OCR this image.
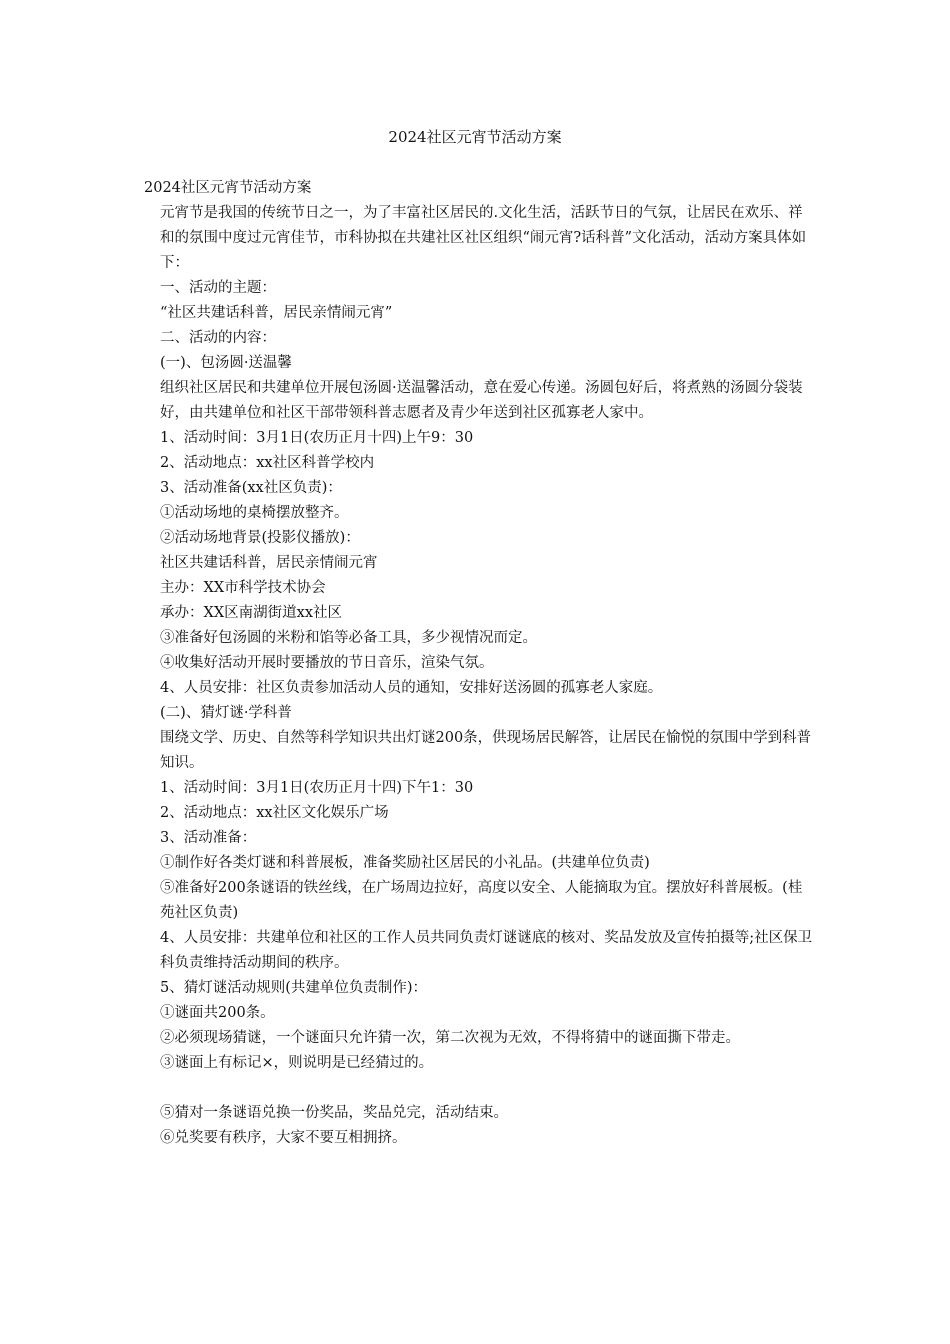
2024社区元宵节活动方案

2024社区元宵节活动方案

元宵节是我国的传统节日之一，为了丰富社区居民的.文化生活，活跃节日的气氛，让居民在欢乐、祥和的氛围中度过元宵佳节，市科协拟在共建社区社区组织“闹元宵?话科普”文化活动，活动方案具体如下：

一、活动的主题：

“社区共建话科普，居民亲情闹元宵”

二、活动的内容：

(一)、包汤圆·送温馨

组织社区居民和共建单位开展包汤圆·送温馨活动，意在爱心传递。汤圆包好后，将煮熟的汤圆分袋装好，由共建单位和社区干部带领科普志愿者及青少年送到社区孤寡老人家中。

1、活动时间：3月1日(农历正月十四)上午9：30

2、活动地点：xx社区科普学校内

3、活动准备(xx社区负责)：

①活动场地的桌椅摆放整齐。

②活动场地背景(投影仪播放)：

社区共建话科普，居民亲情闹元宵

主办：XX市科学技术协会

承办：XX区南湖街道xx社区

③准备好包汤圆的米粉和馅等必备工具，多少视情况而定。

④收集好活动开展时要播放的节日音乐，渲染气氛。

4、人员安排：社区负责参加活动人员的通知，安排好送汤圆的孤寡老人家庭。

(二)、猜灯谜·学科普

围绕文学、历史、自然等科学知识共出灯谜200条，供现场居民解答，让居民在愉悦的氛围中学到科普知识。

1、活动时间：3月1日(农历正月十四)下午1：30

2、活动地点：xx社区文化娱乐广场

3、活动准备：

①制作好各类灯谜和科普展板，准备奖励社区居民的小礼品。(共建单位负责)

⑤准备好200条谜语的铁丝线，在广场周边拉好，高度以安全、人能摘取为宜。摆放好科普展板。(桂苑社区负责)

4、人员安排：共建单位和社区的工作人员共同负责灯谜谜底的核对、奖品发放及宣传拍摄等;社区保卫科负责维持活动期间的秩序。

5、猜灯谜活动规则(共建单位负责制作)：

①谜面共200条。

②必须现场猜谜，一个谜面只允许猜一次，第二次视为无效，不得将猜中的谜面撕下带走。

③谜面上有标记×，则说明是已经猜过的。

⑤猜对一条谜语兑换一份奖品，奖品兑完，活动结束。

⑥兑奖要有秩序，大家不要互相拥挤。
